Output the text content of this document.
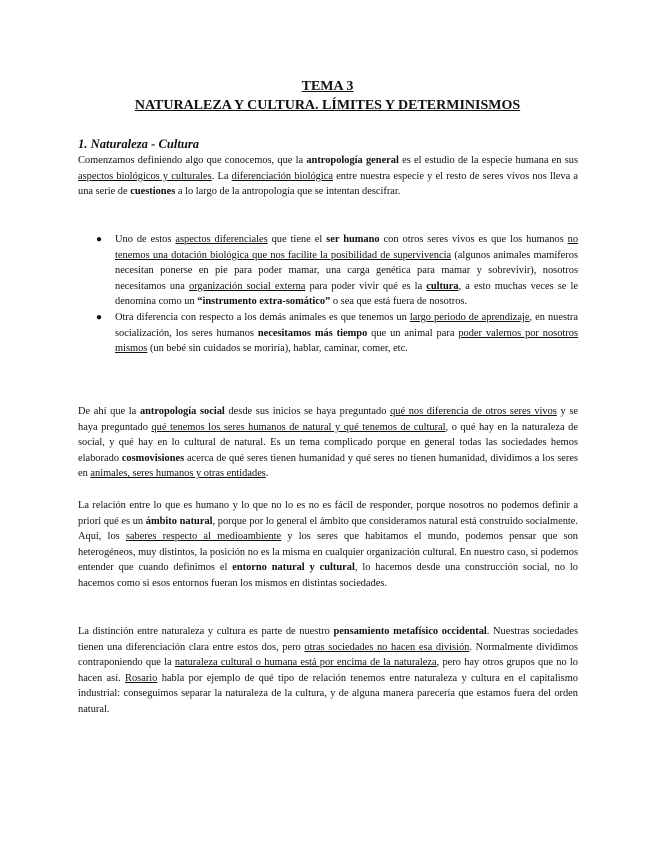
TEMA 3
NATURALEZA Y CULTURA. LÍMITES Y DETERMINISMOS
1. Naturaleza - Cultura

Comenzamos definiendo algo que conocemos, que la antropología general es el estudio de la especie humana en sus aspectos biológicos y culturales. La diferenciación biológica entre nuestra especie y el resto de seres vivos nos lleva a una serie de cuestiones a lo largo de la antropología que se intentan descifrar.

● Uno de estos aspectos diferenciales que tiene el ser humano con otros seres vivos es que los humanos no tenemos una dotación biológica que nos facilite la posibilidad de supervivencia (algunos animales mamíferos necesitan ponerse en pie para poder mamar, una carga genética para mamar y sobrevivir), nosotros necesitamos una organización social externa para poder vivir qué es la cultura, a esto muchas veces se le denomina como un “instrumento extra-somático” o sea que está fuera de nosotros.
● Otra diferencia con respecto a los demás animales es que tenemos un largo periodo de aprendizaje, en nuestra socialización, los seres humanos necesitamos más tiempo que un animal para poder valernos por nosotros mismos (un bebé sin cuidados se moriría), hablar, caminar, comer, etc.

De ahí que la antropología social desde sus inicios se haya preguntado qué nos diferencia de otros seres vivos y se haya preguntado qué tenemos los seres humanos de natural y qué tenemos de cultural, o qué hay en la naturaleza de social, y qué hay en lo cultural de natural. Es un tema complicado porque en general todas las sociedades hemos elaborado cosmovisiones acerca de qué seres tienen humanidad y qué seres no tienen humanidad, dividimos a los seres en animales, seres humanos y otras entidades.

La relación entre lo que es humano y lo que no lo es no es fácil de responder, porque nosotros no podemos definir a priori qué es un ámbito natural, porque por lo general el ámbito que consideramos natural está construido socialmente. Aquí, los saberes respecto al medioambiente y los seres que habitamos el mundo, podemos pensar que son heterogéneos, muy distintos, la posición no es la misma en cualquier organización cultural. En nuestro caso, si podemos entender que cuando definimos el entorno natural y cultural, lo hacemos desde una construcción social, no lo hacemos como si esos entornos fueran los mismos en distintas sociedades.

La distinción entre naturaleza y cultura es parte de nuestro pensamiento metafísico occidental. Nuestras sociedades tienen una diferenciación clara entre estos dos, pero otras sociedades no hacen esa división. Normalmente dividimos contraponiendo que la naturaleza cultural o humana está por encima de la naturaleza, pero hay otros grupos que no lo hacen así. Rosario habla por ejemplo de qué tipo de relación tenemos entre naturaleza y cultura en el capitalismo industrial: conseguimos separar la naturaleza de la cultura, y de alguna manera parecería que estamos fuera del orden natural.
